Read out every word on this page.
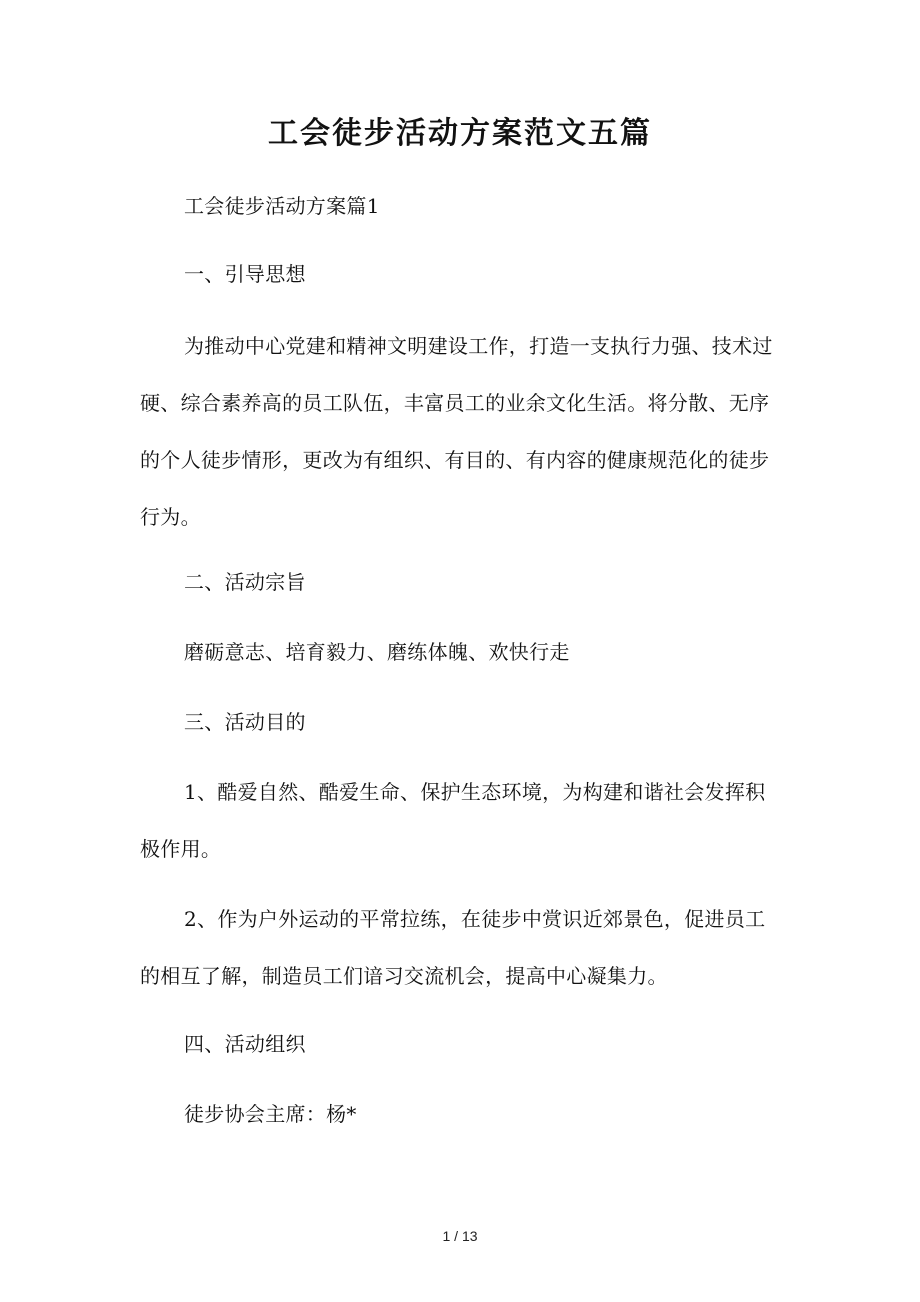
工会徒步活动方案范文五篇

工会徒步活动方案篇1

一、引导思想

为推动中心党建和精神文明建设工作，打造一支执行力强、技术过硬、综合素养高的员工队伍，丰富员工的业余文化生活。将分散、无序的个人徒步情形，更改为有组织、有目的、有内容的健康规范化的徒步行为。

二、活动宗旨

磨砺意志、培育毅力、磨练体魄、欢快行走

三、活动目的

1、酷爱自然、酷爱生命、保护生态环境，为构建和谐社会发挥积极作用。

2、作为户外运动的平常拉练，在徒步中赏识近郊景色，促进员工的相互了解，制造员工们谙习交流机会，提高中心凝集力。

四、活动组织

徒步协会主席：杨*

1 / 13
